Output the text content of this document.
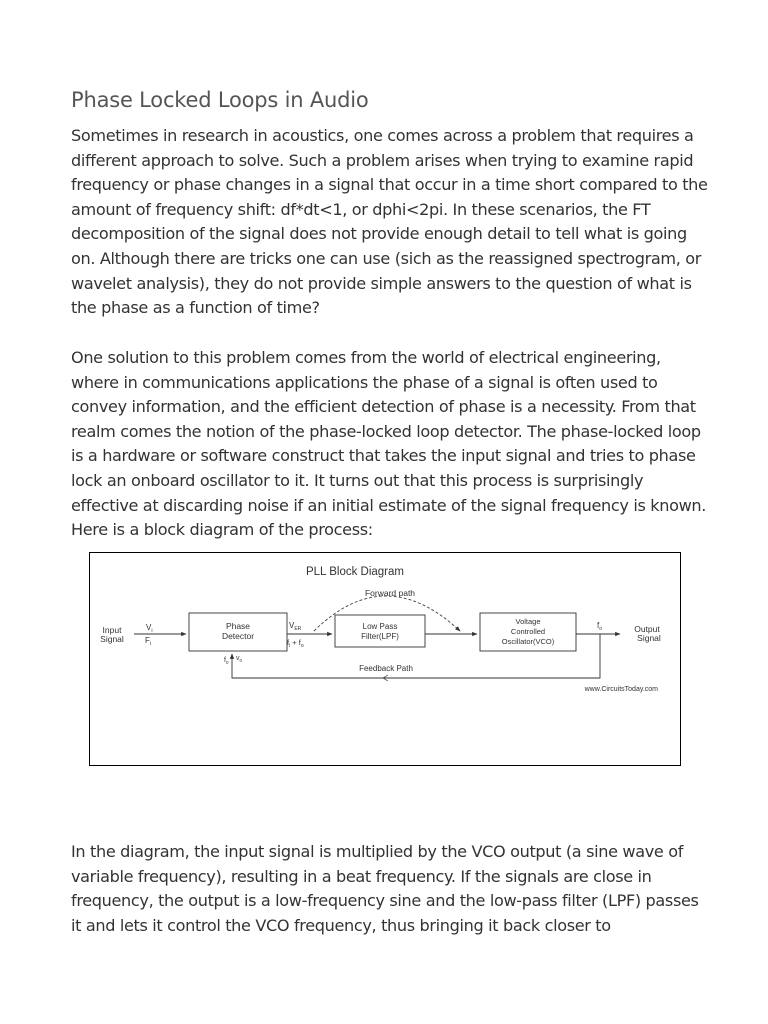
Phase Locked Loops in Audio

Sometimes in research in acoustics, one comes across a problem that requires a different approach to solve. Such a problem arises when trying to examine rapid frequency or phase changes in a signal that occur in a time short compared to the amount of frequency shift: df*dt<1, or dphi<2pi. In these scenarios, the FT decomposition of the signal does not provide enough detail to tell what is going on. Although there are tricks one can use (sich as the reassigned spectrogram, or wavelet analysis), they do not provide simple answers to the question of what is the phase as a function of time?

One solution to this problem comes from the world of electrical engineering, where in communications applications the phase of a signal is often used to convey information, and the efficient detection of phase is a necessity. From that realm comes the notion of the phase-locked loop detector. The phase-locked loop is a hardware or software construct that takes the input signal and tries to phase lock an onboard oscillator to it. It turns out that this process is surprisingly effective at discarding noise if an initial estimate of the signal frequency is known. Here is a block diagram of the process:

In the diagram, the input signal is multiplied by the VCO output (a sine wave of variable frequency), resulting in a beat frequency. If the signals are close in frequency, the output is a low-frequency sine and the low-pass filter (LPF) passes it and lets it control the VCO frequency, thus bringing it back closer to

PLL Block Diagram
Forward path
Input
Signal
$V_i$
$F_i$
Phase
Detector
$V_{ER}$
$f_i + f_o$
Low Pass
Filter(LPF)
Voltage
Controlled
Oscillator(VCO)
$f_o$	Output
Signal
Feedback Path
$f_0$
$v_0$
www.CircuitsToday.com
